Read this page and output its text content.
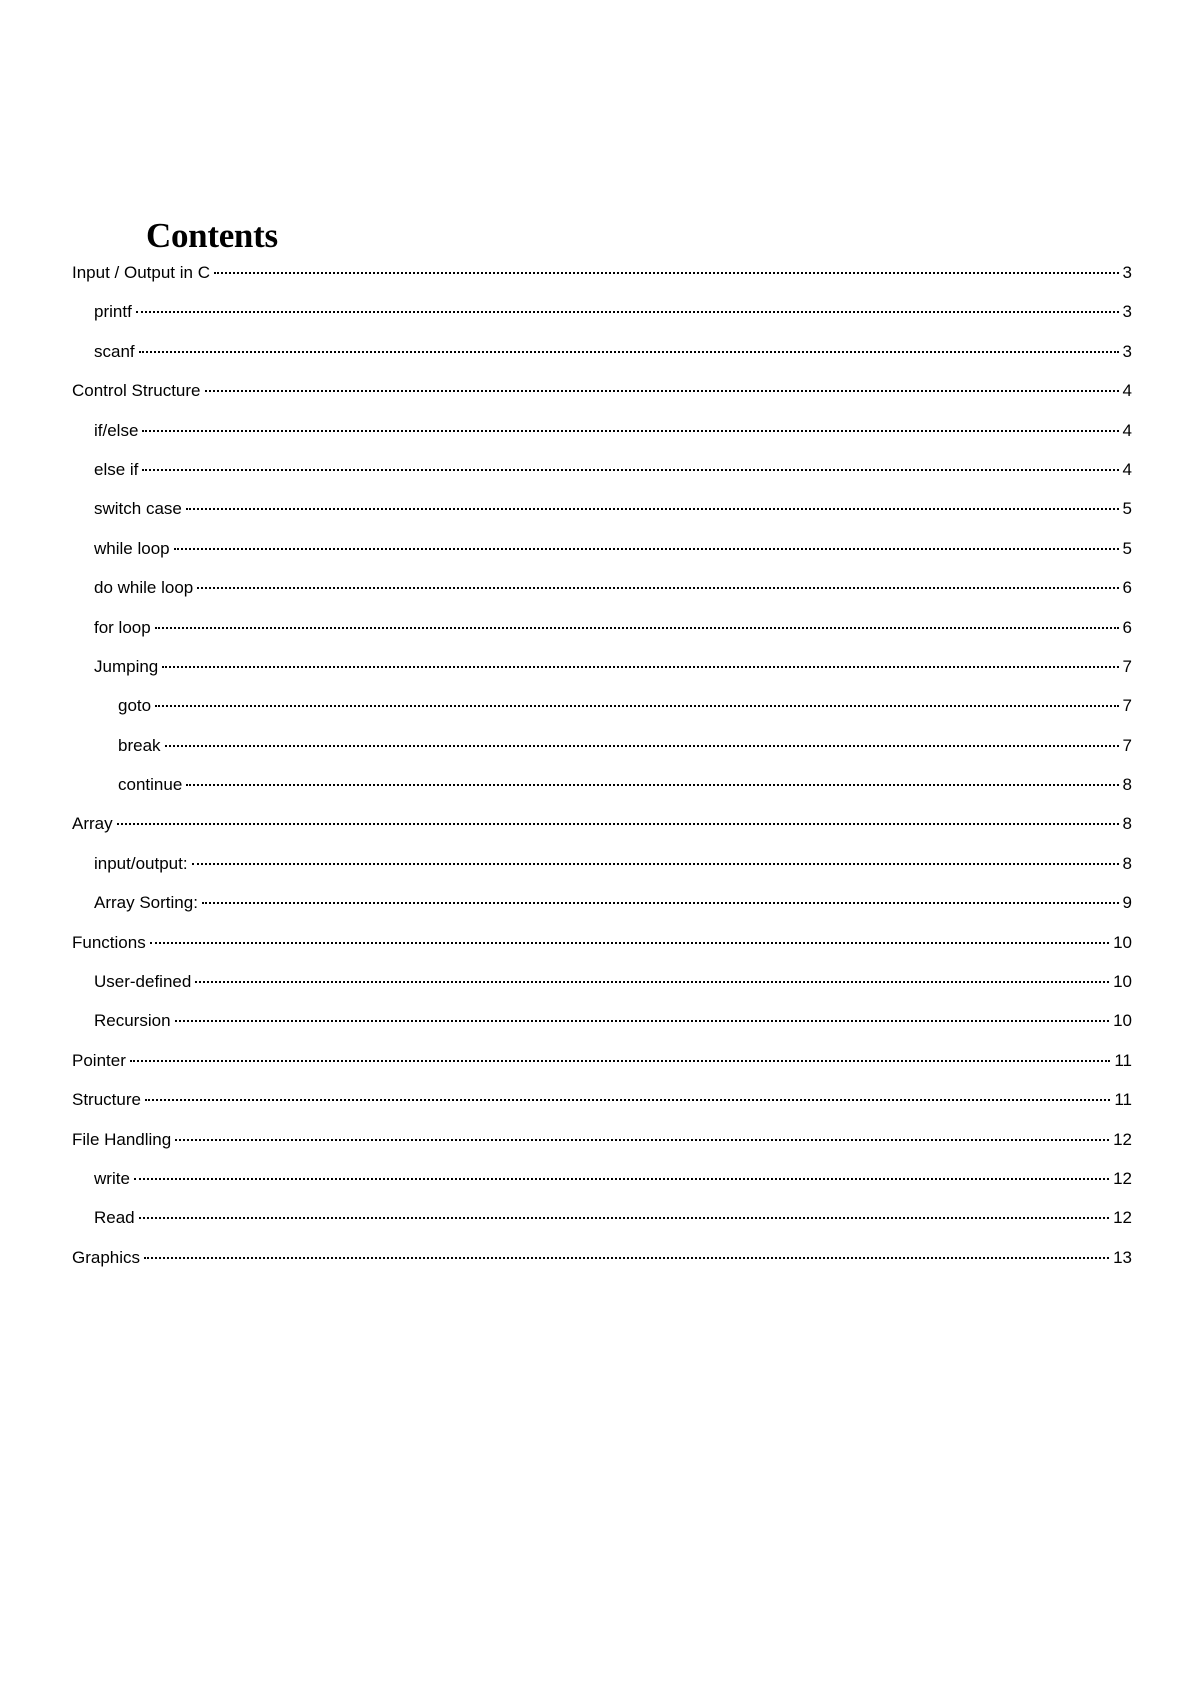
Contents
Input / Output in C	3
printf	3
scanf	3
Control Structure	4
if/else	4
else if	4
switch case	5
while loop	5
do while loop	6
for loop	6
Jumping	7
goto	7
break	7
continue	8
Array	8
input/output:	8
Array Sorting:	9
Functions	10
User-defined	10
Recursion	10
Pointer	11
Structure	11
File Handling	12
write	12
Read	12
Graphics	13
